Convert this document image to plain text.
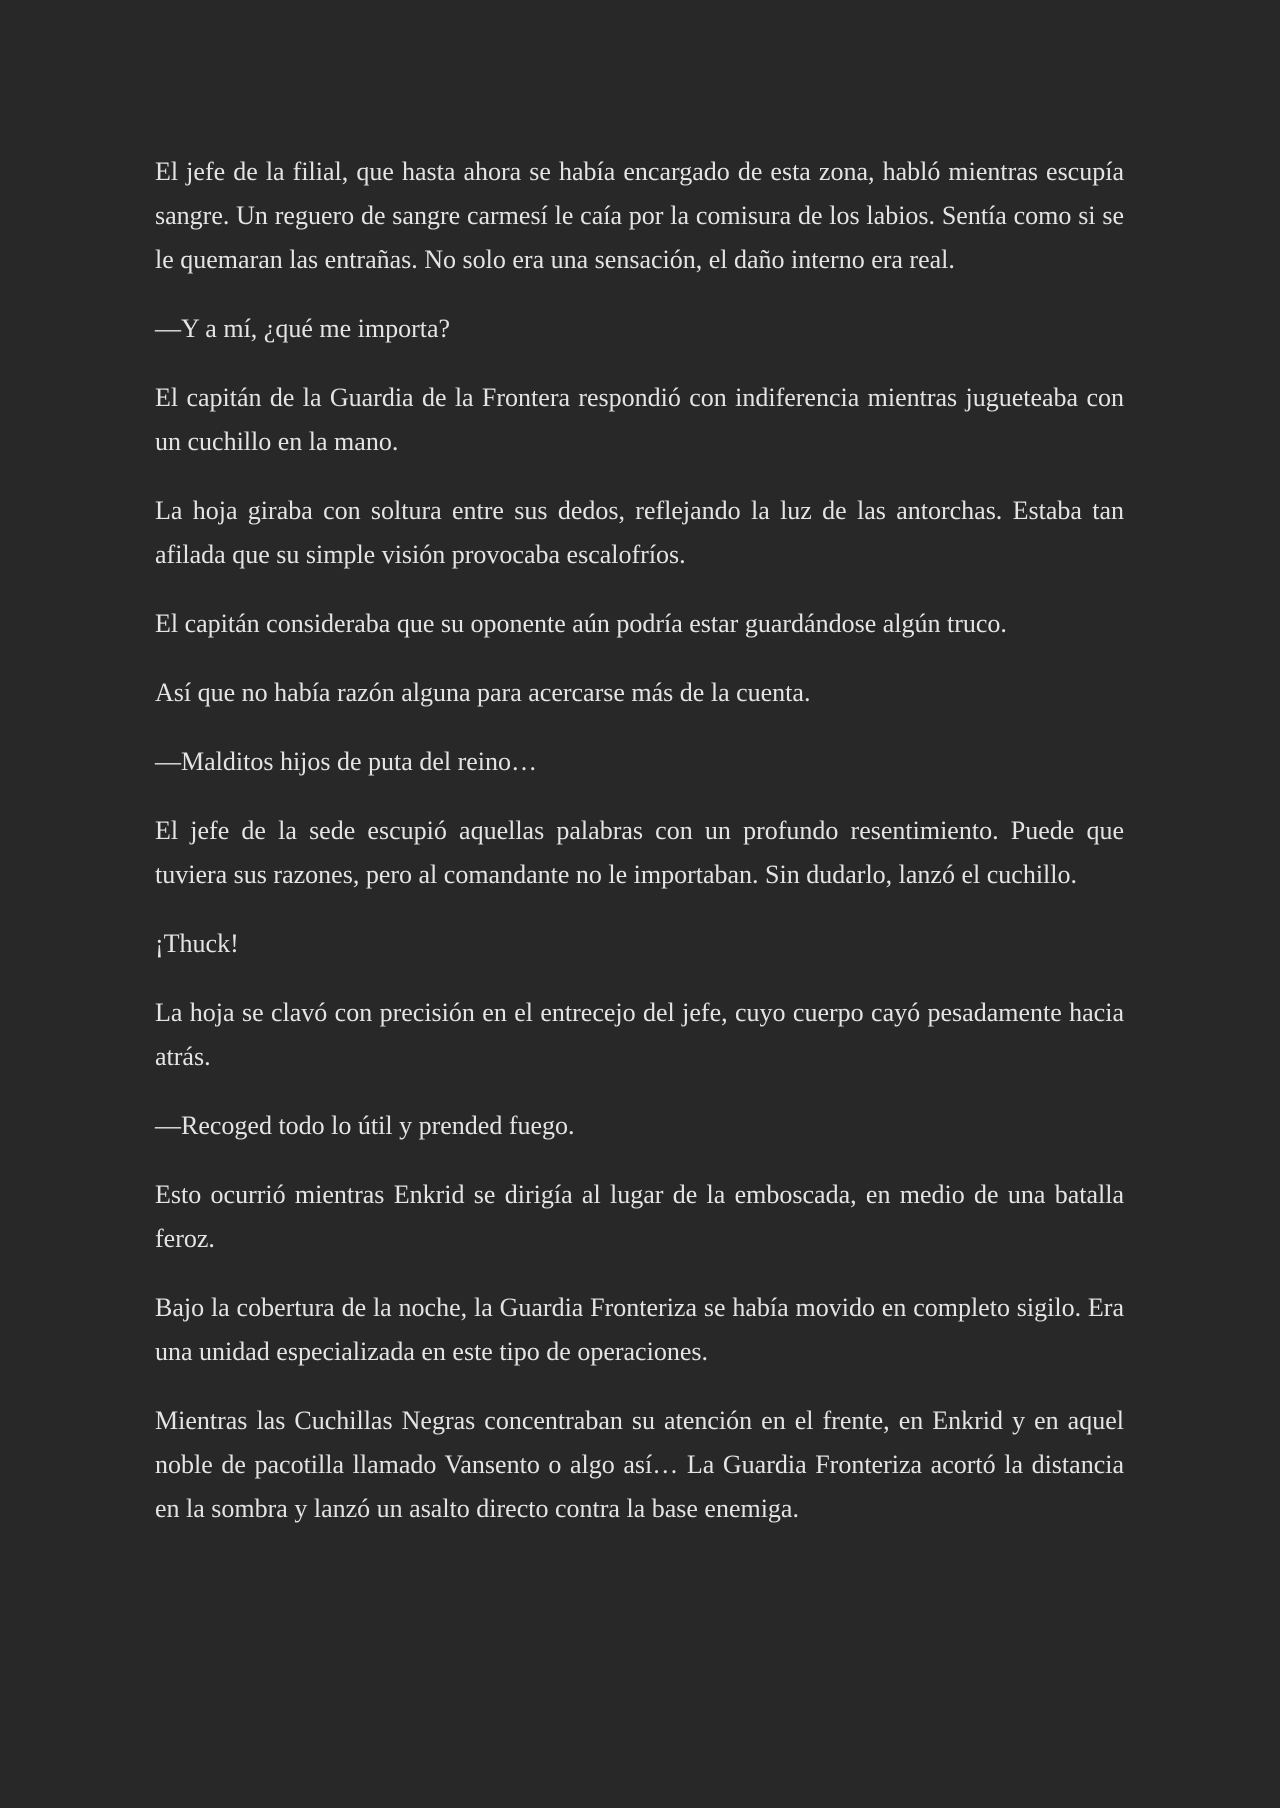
El jefe de la filial, que hasta ahora se había encargado de esta zona, habló mientras escupía sangre. Un reguero de sangre carmesí le caía por la comisura de los labios. Sentía como si se le quemaran las entrañas. No solo era una sensación, el daño interno era real.

—Y a mí, ¿qué me importa?

El capitán de la Guardia de la Frontera respondió con indiferencia mientras jugueteaba con un cuchillo en la mano.

La hoja giraba con soltura entre sus dedos, reflejando la luz de las antorchas. Estaba tan afilada que su simple visión provocaba escalofríos.

El capitán consideraba que su oponente aún podría estar guardándose algún truco.

Así que no había razón alguna para acercarse más de la cuenta.

—Malditos hijos de puta del reino…

El jefe de la sede escupió aquellas palabras con un profundo resentimiento. Puede que tuviera sus razones, pero al comandante no le importaban. Sin dudarlo, lanzó el cuchillo.

¡Thuck!

La hoja se clavó con precisión en el entrecejo del jefe, cuyo cuerpo cayó pesadamente hacia atrás.

—Recoged todo lo útil y prended fuego.

Esto ocurrió mientras Enkrid se dirigía al lugar de la emboscada, en medio de una batalla feroz.

Bajo la cobertura de la noche, la Guardia Fronteriza se había movido en completo sigilo. Era una unidad especializada en este tipo de operaciones.

Mientras las Cuchillas Negras concentraban su atención en el frente, en Enkrid y en aquel noble de pacotilla llamado Vansento o algo así… La Guardia Fronteriza acortó la distancia en la sombra y lanzó un asalto directo contra la base enemiga.
